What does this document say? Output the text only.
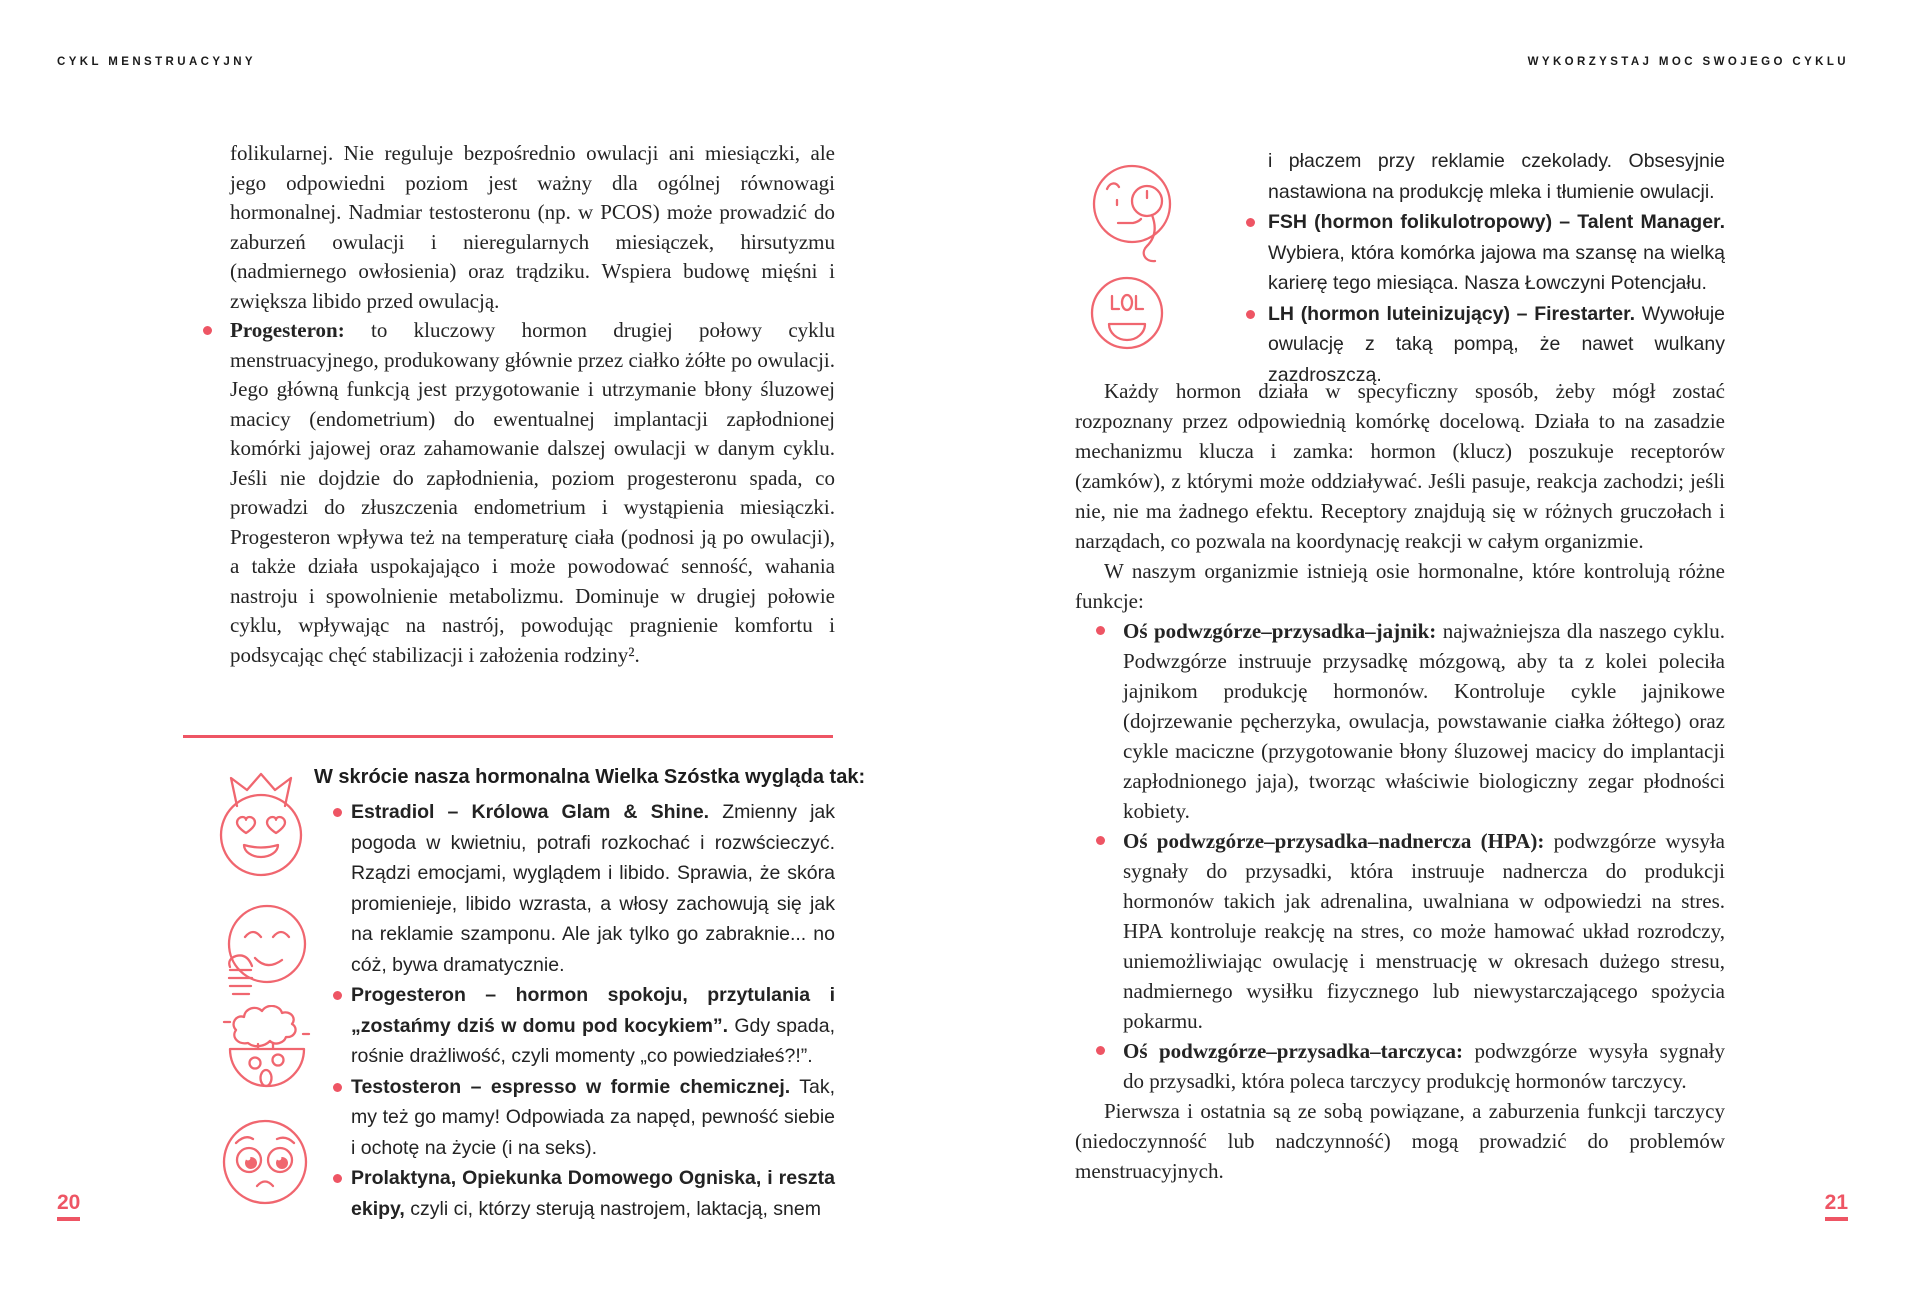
CYKL MENSTRUACYJNY	WYKORZYSTAJ MOC SWOJEGO CYKLU

folikularnej. Nie reguluje bezpośrednio owulacji ani miesiączki, ale jego odpowiedni poziom jest ważny dla ogólnej równowagi hormonalnej. Nadmiar testosteronu (np. w PCOS) może prowadzić do zaburzeń owulacji i nieregularnych miesiączek, hirsutyzmu (nadmiernego owłosienia) oraz trądziku. Wspiera budowę mięśni i zwiększa libido przed owulacją.

Progesteron: to kluczowy hormon drugiej połowy cyklu menstruacyjnego, produkowany głównie przez ciałko żółte po owulacji. Jego główną funkcją jest przygotowanie i utrzymanie błony śluzowej macicy (endometrium) do ewentualnej implantacji zapłodnionej komórki jajowej oraz zahamowanie dalszej owulacji w danym cyklu. Jeśli nie dojdzie do zapłodnienia, poziom progesteronu spada, co prowadzi do złuszczenia endometrium i wystąpienia miesiączki. Progesteron wpływa też na temperaturę ciała (podnosi ją po owulacji), a także działa uspokajająco i może powodować senność, wahania nastroju i spowolnienie metabolizmu. Dominuje w drugiej połowie cyklu, wpływając na nastrój, powodując pragnienie komfortu i podsycając chęć stabilizacji i założenia rodziny².
W skrócie nasza hormonalna Wielka Szóstka wygląda tak:
Estradiol – Królowa Glam & Shine. Zmienny jak pogoda w kwietniu, potrafi rozkochać i rozwścieczyć. Rządzi emocjami, wyglądem i libido. Sprawia, że skóra promienieje, libido wzrasta, a włosy zachowują się jak na reklamie szamponu. Ale jak tylko go zabraknie... no cóż, bywa dramatycznie.
Progesteron – hormon spokoju, przytulania i „zostańmy dziś w domu pod kocykiem”. Gdy spada, rośnie drażliwość, czyli momenty „co powiedziałeś?!”.
Testosteron – espresso w formie chemicznej. Tak, my też go mamy! Odpowiada za napęd, pewność siebie i ochotę na życie (i na seks).
Prolaktyna, Opiekunka Domowego Ogniska, i reszta ekipy, czyli ci, którzy sterują nastrojem, laktacją, snem

i płaczem przy reklamie czekolady. Obsesyjnie nastawiona na produkcję mleka i tłumienie owulacji.

FSH (hormon folikulotropowy) – Talent Manager. Wybiera, która komórka jajowa ma szansę na wielką karierę tego miesiąca. Nasza Łowczyni Potencjału.
LH (hormon luteinizujący) – Firestarter. Wywołuje owulację z taką pompą, że nawet wulkany zazdroszczą.

Każdy hormon działa w specyficzny sposób, żeby mógł zostać rozpoznany przez odpowiednią komórkę docelową. Działa to na zasadzie mechanizmu klucza i zamka: hormon (klucz) poszukuje receptorów (zamków), z którymi może oddziaływać. Jeśli pasuje, reakcja zachodzi; jeśli nie, nie ma żadnego efektu. Receptory znajdują się w różnych gruczołach i narządach, co pozwala na koordynację reakcji w całym organizmie.

W naszym organizmie istnieją osie hormonalne, które kontrolują różne funkcje:

Oś podwzgórze–przysadka–jajnik: najważniejsza dla naszego cyklu. Podwzgórze instruuje przysadkę mózgową, aby ta z kolei poleciła jajnikom produkcję hormonów. Kontroluje cykle jajnikowe (dojrzewanie pęcherzyka, owulacja, powstawanie ciałka żółtego) oraz cykle maciczne (przygotowanie błony śluzowej macicy do implantacji zapłodnionego jaja), tworząc właściwie biologiczny zegar płodności kobiety.
Oś podwzgórze–przysadka–nadnercza (HPA): podwzgórze wysyła sygnały do przysadki, która instruuje nadnercza do produkcji hormonów takich jak adrenalina, uwalniana w odpowiedzi na stres. HPA kontroluje reakcję na stres, co może hamować układ rozrodczy, uniemożliwiając owulację i menstruację w okresach dużego stresu, nadmiernego wysiłku fizycznego lub niewystarczającego spożycia pokarmu.
Oś podwzgórze–przysadka–tarczyca: podwzgórze wysyła sygnały do przysadki, która poleca tarczycy produkcję hormonów tarczycy.

Pierwsza i ostatnia są ze sobą powiązane, a zaburzenia funkcji tarczycy (niedoczynność lub nadczynność) mogą prowadzić do problemów menstruacyjnych.

20	21
